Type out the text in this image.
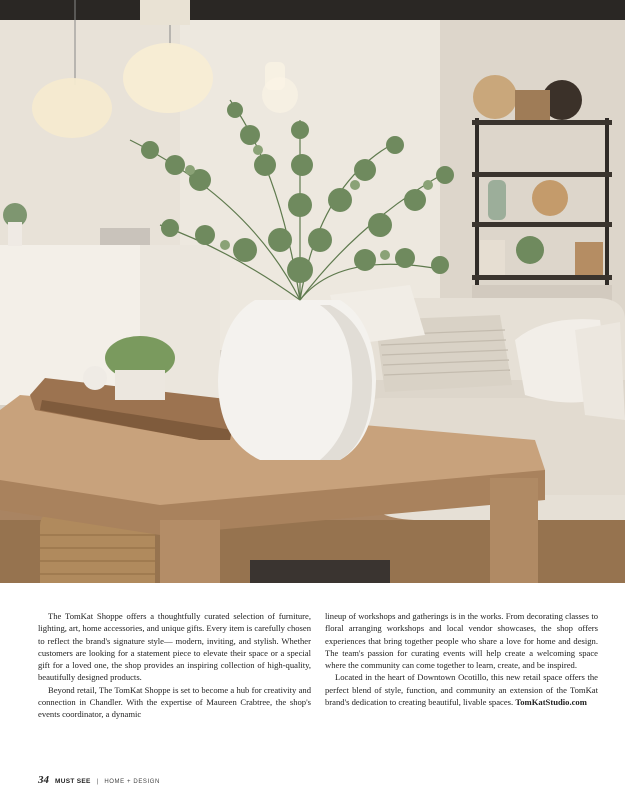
The TomKat Shoppe offers a thoughtfully curated selection of furniture, lighting, art, home accessories, and unique gifts. Every item is carefully chosen to reflect the brand's signature style— modern, inviting, and stylish. Whether customers are looking for a statement piece to elevate their space or a special gift for a loved one, the shop provides an inspiring collection of high-quality, beautifully designed products.

Beyond retail, The TomKat Shoppe is set to become a hub for creativity and connection in Chandler. With the expertise of Maureen Crabtree, the shop's events coordinator, a dynamic

lineup of workshops and gatherings is in the works. From decorating classes to floral arranging workshops and local vendor showcases, the shop offers experiences that bring together people who share a love for home and design. The team's passion for curating events will help create a welcoming space where the community can come together to learn, create, and be inspired.

Located in the heart of Downtown Ocotillo, this new retail space offers the perfect blend of style, function, and community an extension of the TomKat brand's dedication to creating beautiful, livable spaces. TomKatStudio.com

34 MUST SEE | HOME + DESIGN
